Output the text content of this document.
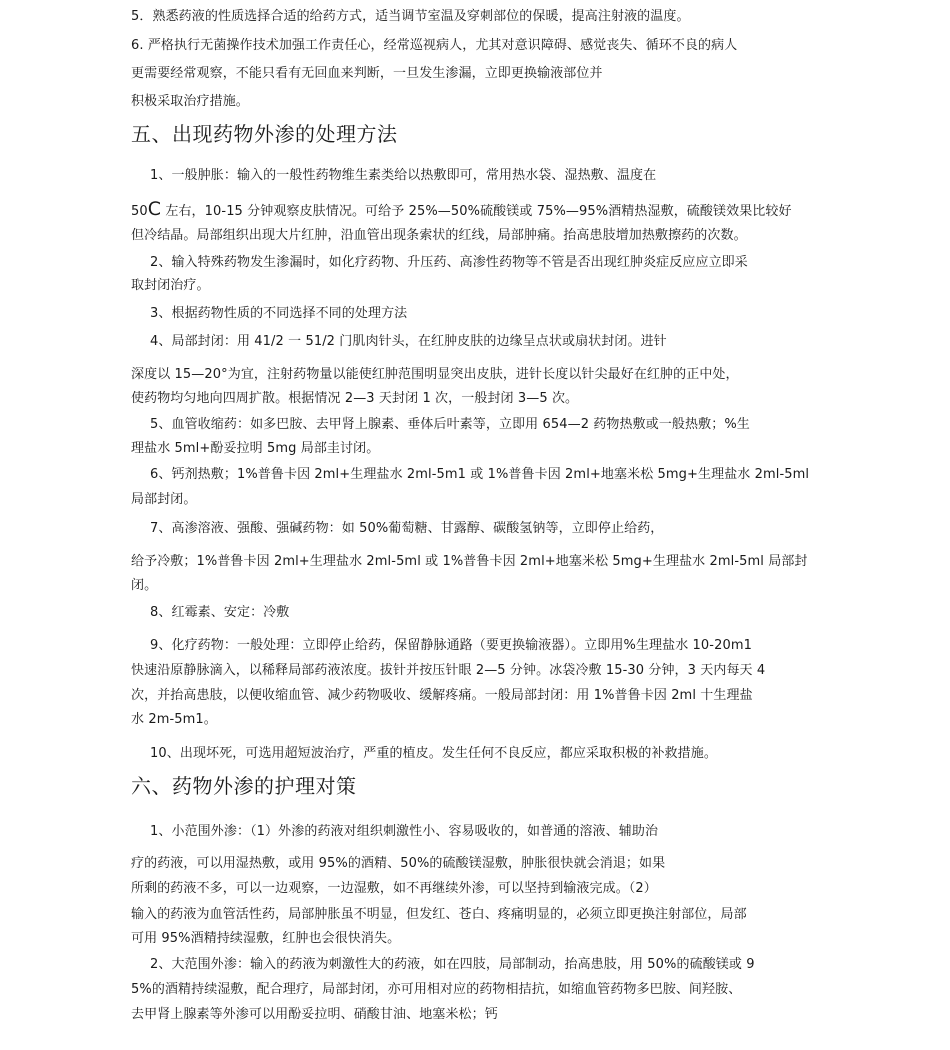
5．熟悉药液的性质选择合适的给药方式，适当调节室温及穿刺部位的保暖，提高注射液的温度。
6. 严格执行无菌操作技术加强工作责任心，经常巡视病人，尤其对意识障碍、感觉丧失、循环不良的病人
更需要经常观察，不能只看有无回血来判断，一旦发生渗漏，立即更换输液部位并
积极采取治疗措施。
五、出现药物外渗的处理方法
1、一般肿胀：输入的一般性药物维生素类给以热敷即可，常用热水袋、湿热敷、温度在
50C 左右，10-15 分钟观察皮肤情况。可给予 25%—50%硫酸镁或 75%—95%酒精热湿敷，硫酸镁效果比较好
但冷结晶。局部组织出现大片红肿，沿血管出现条索状的红线，局部肿痛。抬高患肢增加热敷擦药的次数。
2、输入特殊药物发生渗漏时，如化疗药物、升压药、高渗性药物等不管是否出现红肿炎症反应应立即采
取封闭治疗。
3、根据药物性质的不同选择不同的处理方法
4、局部封闭：用 41/2 一 51/2 门肌肉针头，在红肿皮肤的边缘呈点状或扇状封闭。进针
深度以 15—20°为宜，注射药物量以能使红肿范围明显突出皮肤，进针长度以针尖最好在红肿的正中处，
使药物均匀地向四周扩散。根据情况 2—3 天封闭 1 次，一般封闭 3—5 次。
5、血管收缩药：如多巴胺、去甲肾上腺素、垂体后叶素等，立即用 654—2 药物热敷或一般热敷；%生
理盐水 5ml+酚妥拉明 5mg 局部圭讨闭。
6、钙剂热敷；1%普鲁卡因 2ml+生理盐水 2ml-5m1 或 1%普鲁卡因 2ml+地塞米松 5mg+生理盐水 2ml-5ml
局部封闭。
7、高渗溶液、强酸、强碱药物：如 50%葡萄糖、甘露醇、碳酸氢钠等，立即停止给药，
给予冷敷；1%普鲁卡因 2ml+生理盐水 2ml-5ml 或 1%普鲁卡因 2ml+地塞米松 5mg+生理盐水 2ml-5ml 局部封
闭。
8、红霉素、安定：冷敷
9、化疗药物：一般处理：立即停止给药，保留静脉通路（要更换输液器）。立即用%生理盐水 10-20m1
快速沿原静脉滴入，以稀释局部药液浓度。拔针并按压针眼 2—5 分钟。冰袋冷敷 15-30 分钟，3 天内每天 4
次，并抬高患肢，以便收缩血管、减少药物吸收、缓解疼痛。一般局部封闭：用 1%普鲁卡因 2ml 十生理盐
水 2m-5m1。
10、出现坏死，可选用超短波治疗，严重的植皮。发生任何不良反应，都应采取积极的补救措施。
六、药物外渗的护理对策
1、小范围外渗：（1）外渗的药液对组织刺激性小、容易吸收的，如普通的溶液、辅助治
疗的药液，可以用湿热敷，或用 95%的酒精、50%的硫酸镁湿敷，肿胀很快就会消退；如果
所剩的药液不多，可以一边观察，一边湿敷，如不再继续外渗，可以坚持到输液完成。（2）
输入的药液为血管活性药，局部肿胀虽不明显，但发红、苍白、疼痛明显的，必须立即更换注射部位，局部
可用 95%酒精持续湿敷，红肿也会很快消失。
2、大范围外渗：输入的药液为刺激性大的药液，如在四肢，局部制动，抬高患肢，用 50%的硫酸镁或 9
5%的酒精持续湿敷，配合理疗，局部封闭，亦可用相对应的药物相拮抗，如缩血管药物多巴胺、间羟胺、
去甲肾上腺素等外渗可以用酚妥拉明、硝酸甘油、地塞米松；钙
